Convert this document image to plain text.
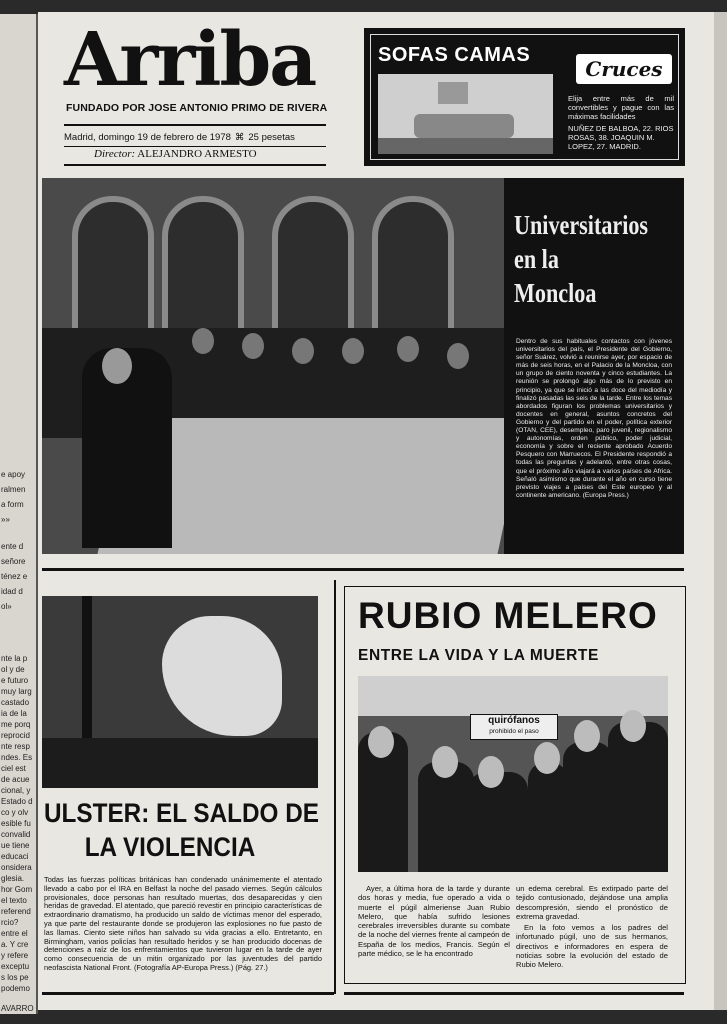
e apoy
ralmen
a form
»»
ente d
señore
ténez e
idad d
ol»
nte la p
ol y de
e futuro
muy larg
castado
ia de la
me porq
reprocid
nte resp
ndes. Es
ciel est
de acue
cional, y
Estado d
co y olv
esible fu
convalid
ue tiene
educaci
onsidera
glesia.
hor Gom
el texto
referend
rcio?
entre el
a. Y cre
y refere
exceptu
s los pe
podemo
AVARRO
Arriba
FUNDADO POR JOSE ANTONIO PRIMO DE RIVERA
Madrid, domingo 19 de febrero de 1978 ⌘ 25 pesetas
Director: ALEJANDRO ARMESTO
SOFAS CAMAS
Cruces
Elija entre más de mil convertibles y pague con las máximas facilidades
NUÑEZ DE BALBOA, 22. RIOS ROSAS, 38. JOAQUIN M. LOPEZ, 27. MADRID.
Universitarios
en la
Moncloa
Dentro de sus habituales contactos con jóvenes universitarios del país, el Presidente del Gobierno, señor Suárez, volvió a reunirse ayer, por espacio de más de seis horas, en el Palacio de la Moncloa, con un grupo de ciento noventa y cinco estudiantes. La reunión se prolongó algo más de lo previsto en principio, ya que se inició a las doce del mediodía y finalizó pasadas las seis de la tarde. Entre los temas abordados figuran los problemas universitarios y docentes en general, asuntos concretos del Gobierno y del partido en el poder, política exterior (OTAN, CEE), desempleo, paro juvenil, regionalismo y autonomías, orden público, poder judicial, economía y sobre el reciente aprobado Acuerdo Pesquero con Marruecos. El Presidente respondió a todas las preguntas y adelantó, entre otras cosas, que el próximo año viajará a varios países de Africa. Señaló asimismo que durante el año en curso tiene previsto viajes a países del Este europeo y al continente americano. (Europa Press.)
ULSTER: EL SALDO DE
LA VIOLENCIA
Todas las fuerzas políticas británicas han condenado unánimemente el atentado llevado a cabo por el IRA en Belfast la noche del pasado viernes. Según cálculos provisionales, doce personas han resultado muertas, dos desaparecidas y cien heridas de gravedad. El atentado, que pareció revestir en principio características de extraordinario dramatismo, ha producido un saldo de víctimas menor del esperado, ya que parte del restaurante donde se produjeron las explosiones no fue pasto de las llamas. Ciento siete niños han salvado su vida gracias a ello. Entretanto, en Birmingham, varios policías han resultado heridos y se han producido docenas de detenciones a raíz de los enfrentamientos que tuvieron lugar en la tarde de ayer como consecuencia de un mitin organizado por las juventudes del partido neofascista National Front. (Fotografía AP-Europa Press.) (Pág. 27.)
RUBIO MELERO
ENTRE LA VIDA Y LA MUERTE
quirófanos
prohibido el paso

Ayer, a última hora de la tarde y durante dos horas y media, fue operado a vida o muerte el púgil almeriense Juan Rubio Melero, que había sufrido lesiones cerebrales irreversibles durante su combate de la noche del viernes frente al campeón de España de los medios, Francis. Según el parte médico, se le ha encontrado

un edema cerebral. Es extirpado parte del tejido contusionado, dejándose una amplia descompresión, siendo el pronóstico de extrema gravedad.

En la foto vemos a los padres del infortunado púgil, uno de sus hermanos, directivos e informadores en espera de noticias sobre la evolución del estado de Rubio Melero.
